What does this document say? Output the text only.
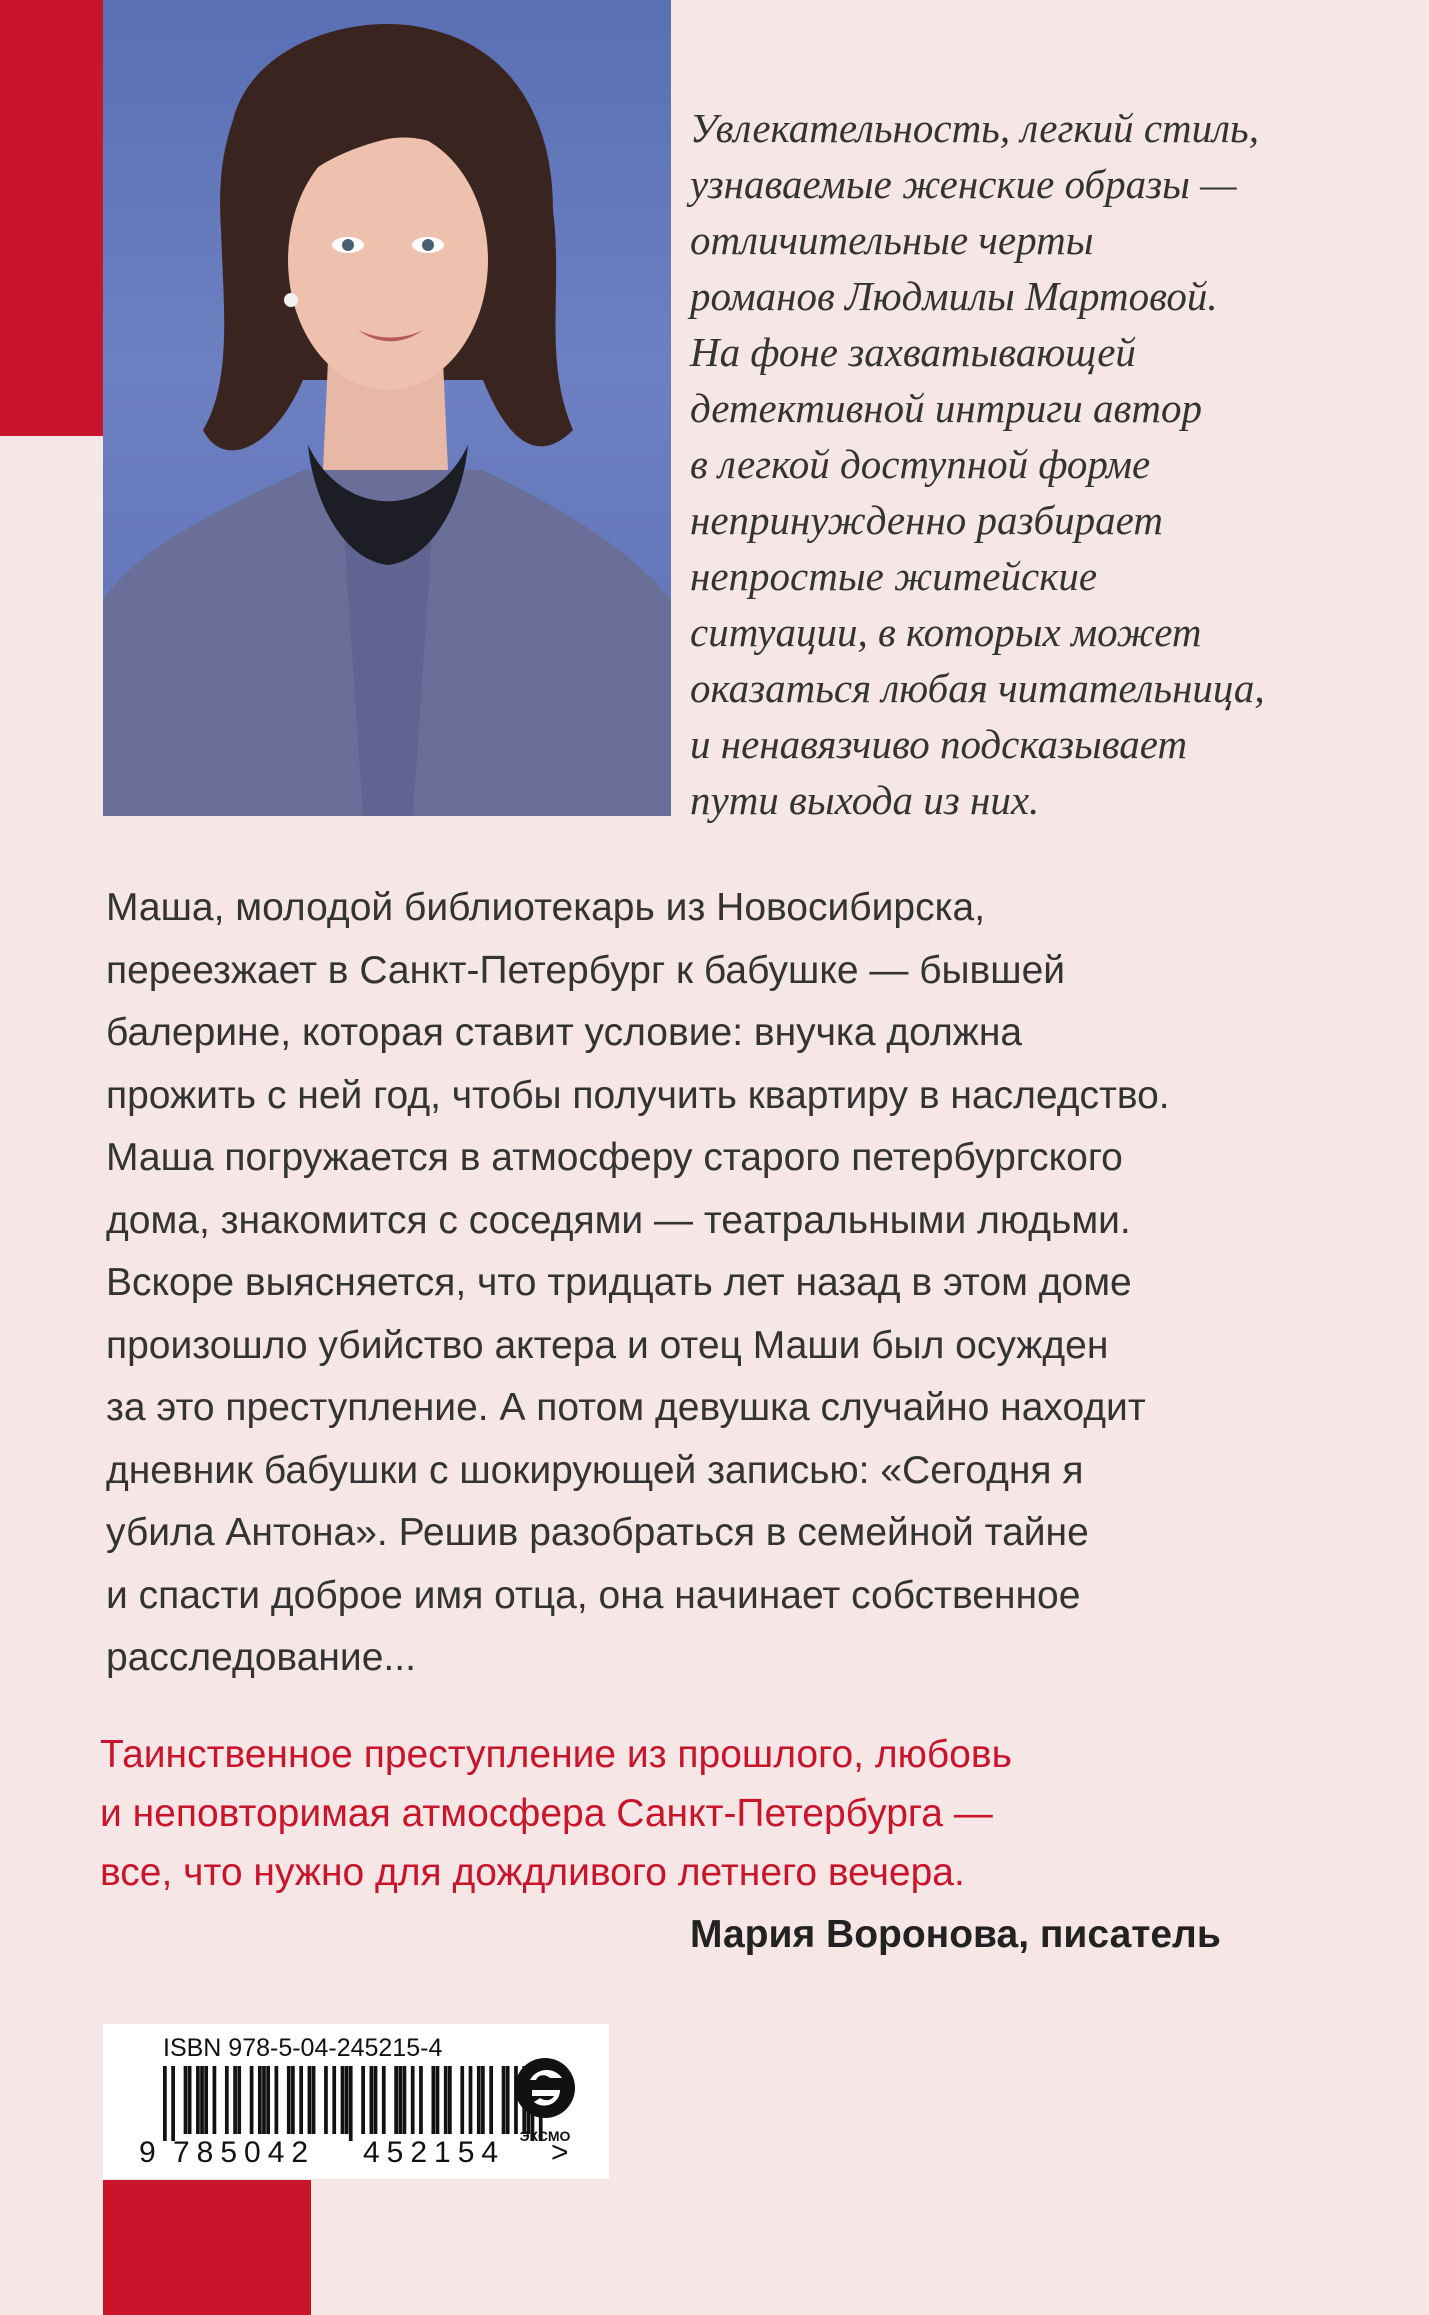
Увлекательность, легкий стиль,
узнаваемые женские образы —
отличительные черты
романов Людмилы Мартовой.
На фоне захватывающей
детективной интриги автор
в легкой доступной форме
непринужденно разбирает
непростые житейские
ситуации, в которых может
оказаться любая читательница,
и ненавязчиво подсказывает
пути выхода из них.
Маша, молодой библиотекарь из Новосибирска,
переезжает в Санкт-Петербург к бабушке — бывшей
балерине, которая ставит условие: внучка должна
прожить с ней год, чтобы получить квартиру в наследство.
Маша погружается в атмосферу старого петербургского
дома, знакомится с соседями — театральными людьми.
Вскоре выясняется, что тридцать лет назад в этом доме
произошло убийство актера и отец Маши был осужден
за это преступление. А потом девушка случайно находит
дневник бабушки с шокирующей записью: «Сегодня я
убила Антона». Решив разобраться в семейной тайне
и спасти доброе имя отца, она начинает собственное
расследование...
Таинственное преступление из прошлого, любовь
и неповторимая атмосфера Санкт-Петербурга —
все, что нужно для дождливого летнего вечера.
Мария Воронова, писатель
ISBN 978-5-04-245215-4
9 785042 452154 >
ЭКСМО
